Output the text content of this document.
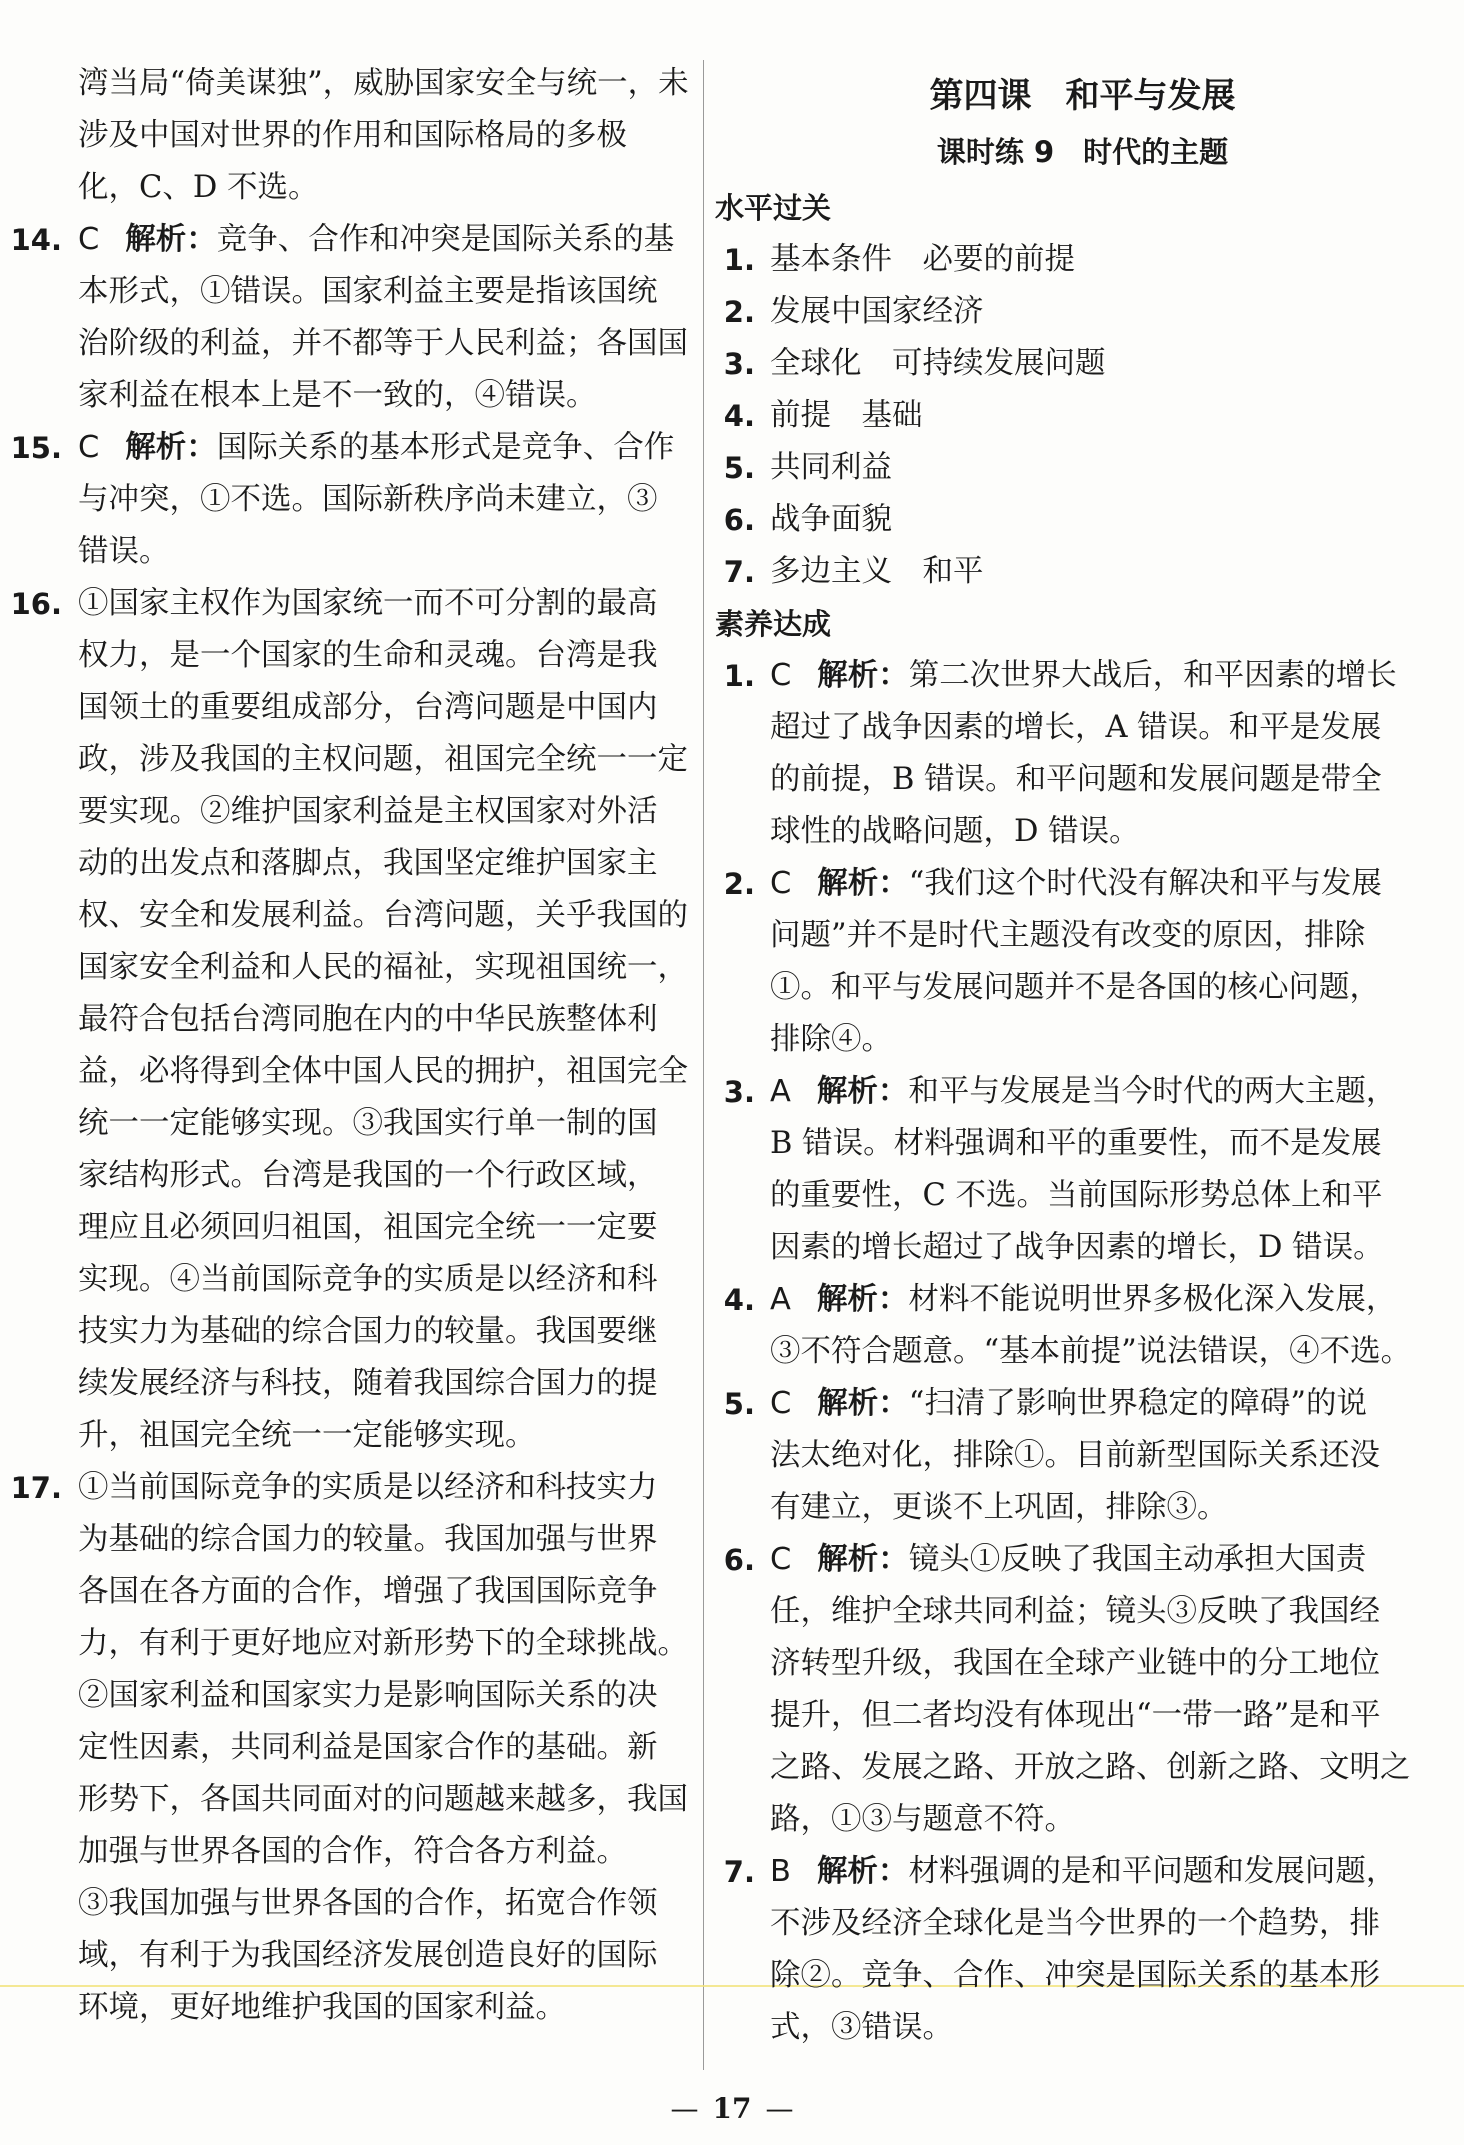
湾当局“倚美谋独”，威胁国家安全与统一，未
涉及中国对世界的作用和国际格局的多极
化，C、D 不选。
14. C 解析：竞争、合作和冲突是国际关系的基
本形式，①错误。国家利益主要是指该国统
治阶级的利益，并不都等于人民利益；各国国
家利益在根本上是不一致的，④错误。
15. C 解析：国际关系的基本形式是竞争、合作
与冲突，①不选。国际新秩序尚未建立，③
错误。
16. ①国家主权作为国家统一而不可分割的最高
权力，是一个国家的生命和灵魂。台湾是我
国领土的重要组成部分，台湾问题是中国内
政，涉及我国的主权问题，祖国完全统一一定
要实现。②维护国家利益是主权国家对外活
动的出发点和落脚点，我国坚定维护国家主
权、安全和发展利益。台湾问题，关乎我国的
国家安全利益和人民的福祉，实现祖国统一，
最符合包括台湾同胞在内的中华民族整体利
益，必将得到全体中国人民的拥护，祖国完全
统一一定能够实现。③我国实行单一制的国
家结构形式。台湾是我国的一个行政区域，
理应且必须回归祖国，祖国完全统一一定要
实现。④当前国际竞争的实质是以经济和科
技实力为基础的综合国力的较量。我国要继
续发展经济与科技，随着我国综合国力的提
升，祖国完全统一一定能够实现。
17. ①当前国际竞争的实质是以经济和科技实力
为基础的综合国力的较量。我国加强与世界
各国在各方面的合作，增强了我国国际竞争
力，有利于更好地应对新形势下的全球挑战。
②国家利益和国家实力是影响国际关系的决
定性因素，共同利益是国家合作的基础。新
形势下，各国共同面对的问题越来越多，我国
加强与世界各国的合作，符合各方利益。
③我国加强与世界各国的合作，拓宽合作领
域，有利于为我国经济发展创造良好的国际
环境，更好地维护我国的国家利益。
第四课　和平与发展
课时练 9　时代的主题
水平过关
1. 基本条件　必要的前提
2. 发展中国家经济
3. 全球化　可持续发展问题
4. 前提　基础
5. 共同利益
6. 战争面貌
7. 多边主义　和平
素养达成
1. C 解析：第二次世界大战后，和平因素的增长
超过了战争因素的增长，A 错误。和平是发展
的前提，B 错误。和平问题和发展问题是带全
球性的战略问题，D 错误。
2. C 解析：“我们这个时代没有解决和平与发展
问题”并不是时代主题没有改变的原因，排除
①。和平与发展问题并不是各国的核心问题，
排除④。
3. A 解析：和平与发展是当今时代的两大主题，
B 错误。材料强调和平的重要性，而不是发展
的重要性，C 不选。当前国际形势总体上和平
因素的增长超过了战争因素的增长，D 错误。
4. A 解析：材料不能说明世界多极化深入发展，
③不符合题意。“基本前提”说法错误，④不选。
5. C 解析：“扫清了影响世界稳定的障碍”的说
法太绝对化，排除①。目前新型国际关系还没
有建立，更谈不上巩固，排除③。
6. C 解析：镜头①反映了我国主动承担大国责
任，维护全球共同利益；镜头③反映了我国经
济转型升级，我国在全球产业链中的分工地位
提升，但二者均没有体现出“一带一路”是和平
之路、发展之路、开放之路、创新之路、文明之
路，①③与题意不符。
7. B 解析：材料强调的是和平问题和发展问题，
不涉及经济全球化是当今世界的一个趋势，排
除②。竞争、合作、冲突是国际关系的基本形
式，③错误。
— 17 —
